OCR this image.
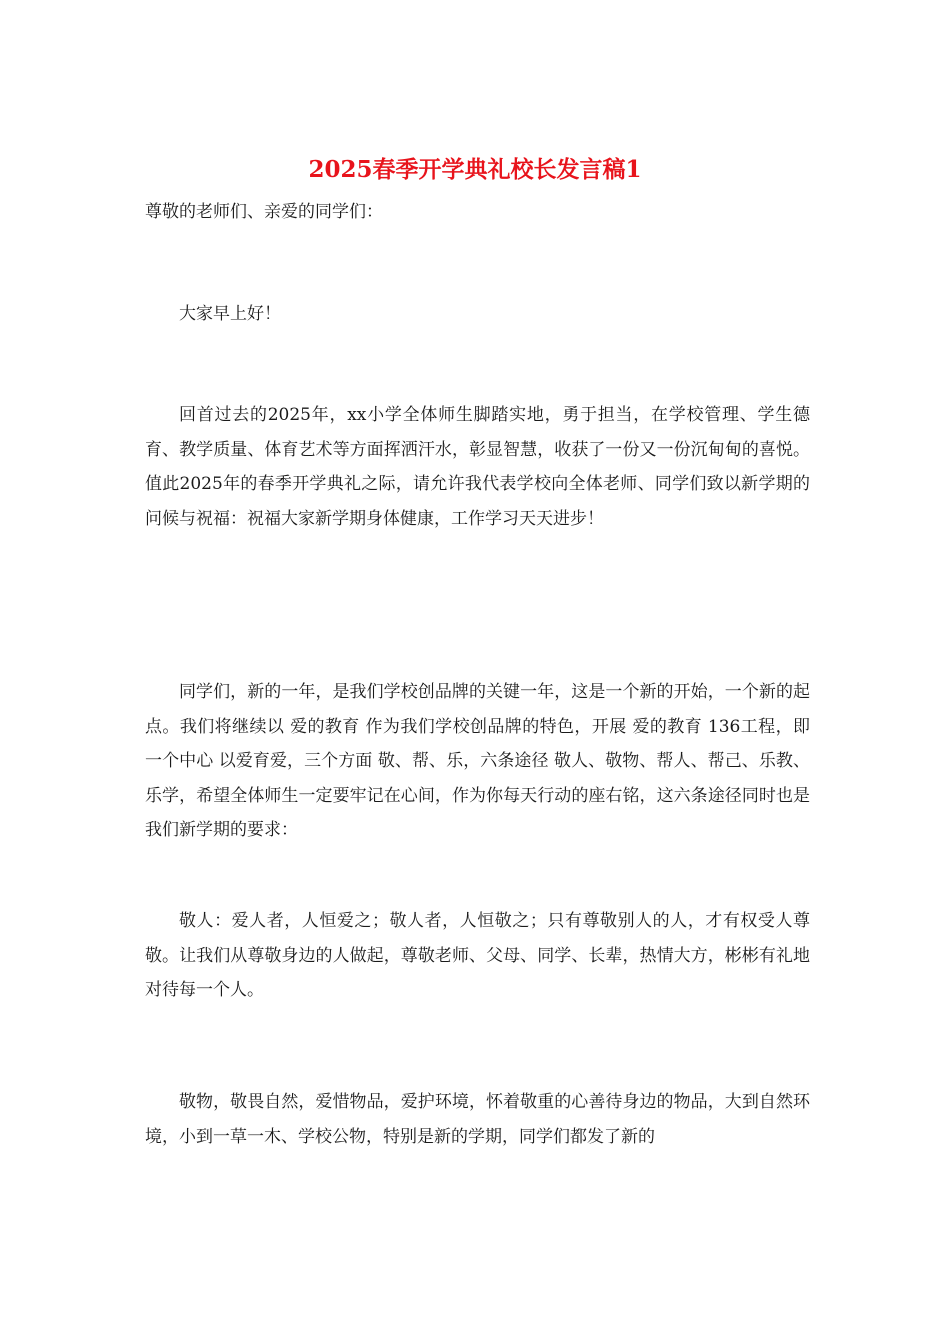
2025春季开学典礼校长发言稿1

尊敬的老师们、亲爱的同学们：

大家早上好！

回首过去的2025年，xx小学全体师生脚踏实地，勇于担当，在学校管理、学生德育、教学质量、体育艺术等方面挥洒汗水，彰显智慧，收获了一份又一份沉甸甸的喜悦。值此2025年的春季开学典礼之际，请允许我代表学校向全体老师、同学们致以新学期的问候与祝福：祝福大家新学期身体健康，工作学习天天进步！

同学们，新的一年，是我们学校创品牌的关键一年，这是一个新的开始，一个新的起点。我们将继续以 爱的教育 作为我们学校创品牌的特色，开展 爱的教育 136工程，即一个中心 以爱育爱，三个方面 敬、帮、乐，六条途径 敬人、敬物、帮人、帮己、乐教、乐学，希望全体师生一定要牢记在心间，作为你每天行动的座右铭，这六条途径同时也是我们新学期的要求：

敬人：爱人者，人恒爱之；敬人者，人恒敬之；只有尊敬别人的人，才有权受人尊敬。让我们从尊敬身边的人做起，尊敬老师、父母、同学、长辈，热情大方，彬彬有礼地对待每一个人。

敬物，敬畏自然，爱惜物品，爱护环境，怀着敬重的心善待身边的物品，大到自然环境，小到一草一木、学校公物，特别是新的学期，同学们都发了新的
